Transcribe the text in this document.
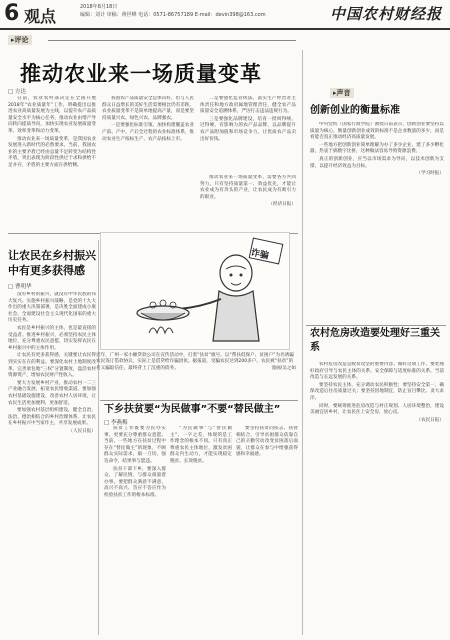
6 观点	2018年8月18日
编辑：刘计 审稿：蒋世峰 电话：0571-86757189 E-mail：devin398@163.com	中国农村财经报
▸评论
推动农业来一场质量变革
□ 方达

日前，农业农村部决定在全国开展2018年“农业质量年”工作，明确提出以推进农业高质量发展为主线，以提升农产品质量安全水平为核心任务，推动农业由增产导向转向提质导向，加快实现农业发展质量变革、效率变革和动力变革。

推动农业来一场质量变革，是我国农业发展进入新时代的必然要求。当前，我国农业的主要矛盾已经由总量不足转变为结构性矛盾，突出表现为阶段性供过于求和供给不足并存，矛盾的主要方面在供给侧。

我国农产品质量安全总体向好，但与人民群众日益增长的美好生活需要相比仍有差距。农业质量变革不是简单地提高产量，而是要坚持质量兴农、绿色兴农、品牌强农。

一是要强化标准引领。加快构建覆盖农业产前、产中、产后全过程的农业标准体系，推动农业生产按标生产、农产品按标上市。

二是要强化监管执法。落实生产经营者主体责任和地方政府属地管理责任，健全农产品质量安全追溯体系，严厉打击违法违规行为。

三是要强化品牌建设。培育一批叫得响、过得硬、有影响力的农产品品牌，以品牌提升农产品附加值和市场竞争力，让优质农产品卖出好价钱。

推动农业来一场质量变革，需要各方共同努力。只有坚持质量第一、效益优先，才能让农业成为有奔头的产业，让农民成为有吸引力的职业。

（经济日报）
让农民在乡村振兴中有更多获得感
□ 曹明华

没有乡村的振兴，就没有中华民族的伟大复兴。实施乡村振兴战略，是党的十九大作出的重大决策部署，是决胜全面建成小康社会、全面建设社会主义现代化国家的重大历史任务。

农民是乡村振兴的主体，也是最直接的受益者。推进乡村振兴，必须坚持农民主体地位，充分尊重农民意愿，切实发挥农民在乡村振兴中的主体作用。

让农民有更多获得感，关键要让农民得到实实在在的利益。要深化农村土地制度改革，完善承包地“三权”分置制度，盘活农村资源资产，增加农民财产性收入。

要大力发展乡村产业，推动农村一二三产业融合发展，拓宽农民增收渠道。要加强农村基础设施建设，改善农村人居环境，让农民生活更加便利、更加舒适。

要加强农村基层组织建设，健全自治、法治、德治相结合的乡村治理体系，让农民在乡村振兴中当家作主，共享发展成果。

（人民日报）

诈骗
近年，广州一家小额贷款公司在宣传活动中，打着“扶贫”旗号，以“帮扶低保户、贫困户”为名诱骗农民签订借款协议，实际上是借贷给诈骗团伙。据报道，受骗农民达到200多户。农民被“扶贫”的名义骗取信任，最终背上了沉重的债务。	漫画/吴之如
下乡扶贫要“为民做事”不要“替民做主”
□ 李燕梅

扶贫工作既要为民办实事，更要充分尊重群众意愿。当前，一些地方在扶贫过程中存在“替民做主”的现象，不顾群众实际需求，搞一刀切、强迫命令，结果事与愿违。

扶贫干部下乡，要深入群众、了解民情，与群众商量着办事。要把群众满意不满意、高兴不高兴、答应不答应作为检验扶贫工作的根本标准。

“为民做事”与“替民做主”，一字之差，体现的是工作理念的根本不同。只有真正尊重农民主体地位，激发贫困群众内生动力，才能实现稳定脱贫、长效脱贫。

要坚持扶贫同扶志、扶智相结合，引导贫困群众依靠自己的辛勤劳动改变贫困落后面貌，让群众在参与中增强获得感和幸福感。

▸声音
创新创业的衡量标准

中央党校（国家行政学院）教授日前表示，创新创业要坚持以质量为核心，衡量创新创业成效的标准不是企业数量的多少，而是看能否真正推动经济高质量发展。

一些地方把创新创业简单理解为办了多少企业、建了多少孵化器，热衷于搞数字比拼，这种做法容易导致资源浪费。

真正的创新创业，应当以市场需求为导向，以技术创新为支撑，以提升经济效益为目标。

（学习时报）
农村危房改造要处理好三重关系

农村危房改造是脱贫攻坚的重要内容。做好这项工作，要处理好政府引导与农民主体的关系、安全保障与适度标准的关系、当前改造与长远发展的关系。

要坚持农民主体，充分调动农民积极性；要坚持安全第一，确保改造后住房质量过关；要坚持因地制宜，防止盲目攀比、贪大求洋。

同时，要统筹推进危房改造与村庄规划、人居环境整治，建设美丽宜居乡村，让农民住上安全房、放心房。

（农民日报）
